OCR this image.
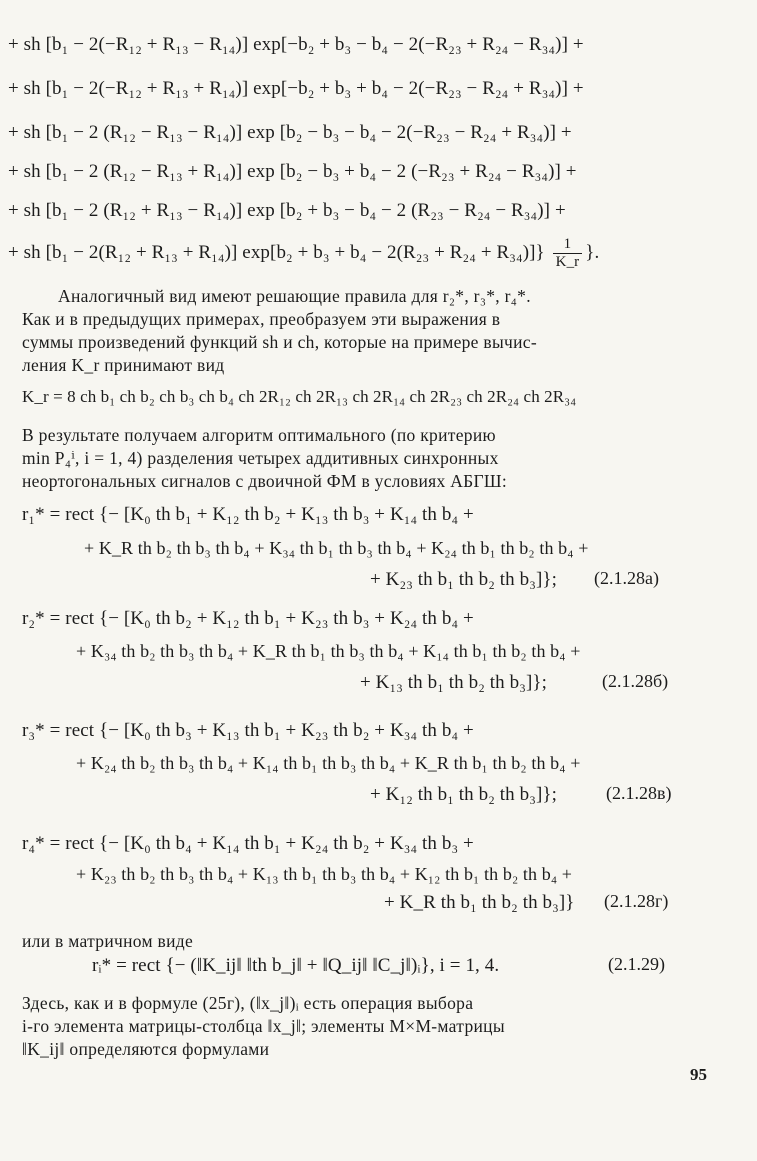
+ sh [b₁ − 2(−R₁₂ + R₁₃ − R₁₄)] exp[−b₂ + b₃ − b₄ − 2(−R₂₃ + R₂₄ − R₃₄)] +
+ sh [b₁ − 2(−R₁₂ + R₁₃ + R₁₄)] exp[−b₂ + b₃ + b₄ − 2(−R₂₃ − R₂₄ + R₃₄)] +
+ sh [b₁ − 2 (R₁₂ − R₁₃ − R₁₄)] exp [b₂ − b₃ − b₄ − 2(−R₂₃ − R₂₄ + R₃₄)] +
+ sh [b₁ − 2 (R₁₂ − R₁₃ + R₁₄)] exp [b₂ − b₃ + b₄ − 2 (−R₂₃ + R₂₄ − R₃₄)] +
+ sh [b₁ − 2 (R₁₂ + R₁₃ − R₁₄)] exp [b₂ + b₃ − b₄ − 2 (R₂₃ − R₂₄ − R₃₄)] +
+ sh [b₁ − 2(R₁₂ + R₁₃ + R₁₄)] $\exp[b_2 + b_3 + b_4 - 2(R_{23} + R_{24} + R_{34})]\} \frac{1}{K\_r}$ }.
Аналогичный вид имеют решающие правила для r₂*, r₃*, r₄*.
Как и в предыдущих примерах, преобразуем эти выражения в
суммы произведений функций sh и ch, которые на примере вычис-
ления K_r принимают вид
K_r = 8 ch b₁ ch b₂ ch b₃ ch b₄ ch 2R₁₂ ch 2R₁₃ ch 2R₁₄ ch 2R₂₃ ch 2R₂₄ ch 2R₃₄
В результате получаем алгоритм оптимального (по критерию
min P₄ⁱ, i = 1, 4) разделения четырех аддитивных синхронных
неортогональных сигналов с двоичной ФМ в условиях АБГШ:
r₁* = rect {− [K₀ th b₁ + K₁₂ th b₂ + K₁₃ th b₃ + K₁₄ th b₄ +
+ K_R th b₂ th b₃ th b₄ + K₃₄ th b₁ th b₃ th b₄ + K₂₄ th b₁ th b₂ th b₄ +
+ K₂₃ th b₁ th b₂ th b₃]}; (2.1.28а)
r₂* = rect {− [K₀ th b₂ + K₁₂ th b₁ + K₂₃ th b₃ + K₂₄ th b₄ +
+ K₃₄ th b₂ th b₃ th b₄ + K_R th b₁ th b₃ th b₄ + K₁₄ th b₁ th b₂ th b₄ +
+ K₁₃ th b₁ th b₂ th b₃]};	(2.1.28б)
r₃* = rect {− [K₀ th b₃ + K₁₃ th b₁ + K₂₃ th b₂ + K₃₄ th b₄ +
+ K₂₄ th b₂ th b₃ th b₄ + K₁₄ th b₁ th b₃ th b₄ + K_R th b₁ th b₂ th b₄ +
+ K₁₂ th b₁ th b₂ th b₃]};	(2.1.28в)
r₄* = rect {− [K₀ th b₄ + K₁₄ th b₁ + K₂₄ th b₂ + K₃₄ th b₃ +
+ K₂₃ th b₂ th b₃ th b₄ + K₁₃ th b₁ th b₃ th b₄ + K₁₂ th b₁ th b₂ th b₄ +
+ K_R th b₁ th b₂ th b₃]} (2.1.28г)
или в матричном виде
rᵢ* = rect {− (‖K_ij‖ ‖th b_j‖ + ‖Q_ij‖ ‖C_j‖)ᵢ}, i = 1, 4.	(2.1.29)
Здесь, как и в формуле (25г), (‖x_j‖)ᵢ есть операция выбора
i-го элемента матрицы-столбца ‖x_j‖; элементы M×M-матрицы
‖K_ij‖ определяются формулами
95
